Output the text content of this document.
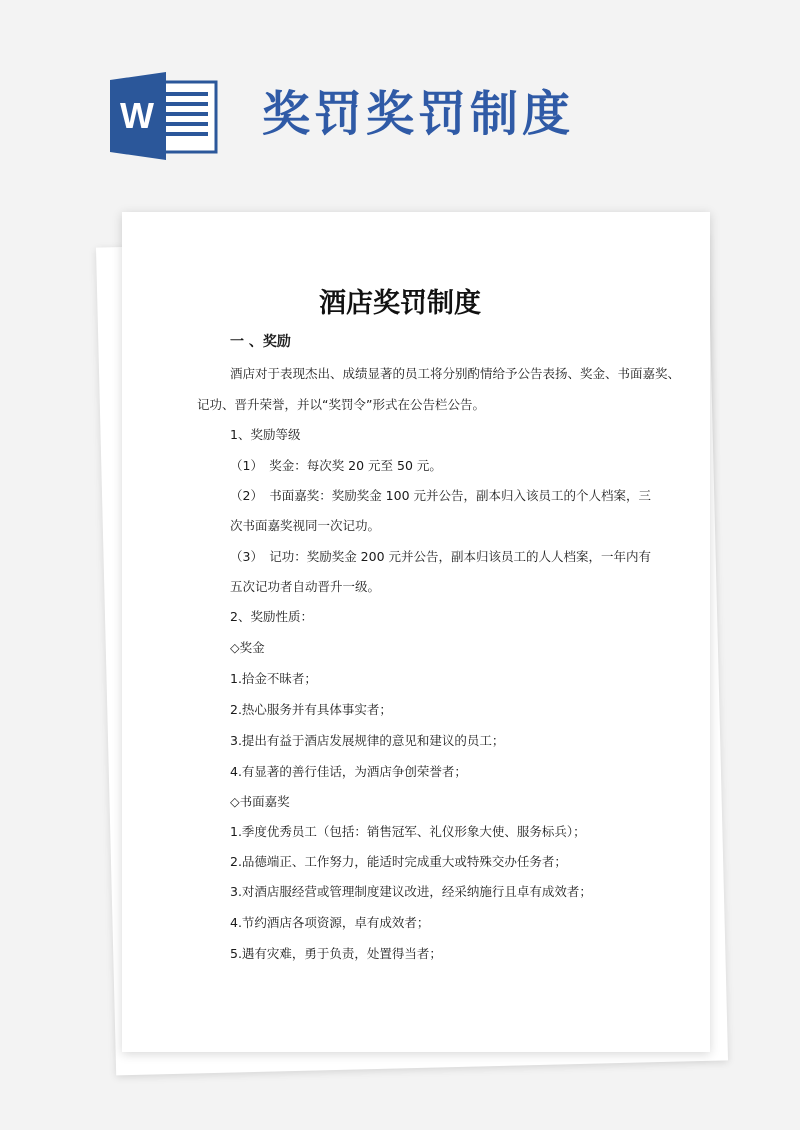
W 奖罚奖罚制度
酒店奖罚制度
一 、奖励
酒店对于表现杰出、成绩显著的员工将分别酌情给予公告表扬、奖金、书面嘉奖、
记功、晋升荣誉，并以“奖罚令”形式在公告栏公告。
1、奖励等级
（1）　奖金：每次奖 20 元至 50 元。
（2）　书面嘉奖：奖励奖金 100 元并公告，副本归入该员工的个人档案，三
次书面嘉奖视同一次记功。
（3）　记功：奖励奖金 200 元并公告，副本归该员工的人人档案，一年内有
五次记功者自动晋升一级。
2、奖励性质：
◇奖金
1.拾金不昧者；
2.热心服务并有具体事实者；
3.提出有益于酒店发展规律的意见和建议的员工；
4.有显著的善行佳话，为酒店争创荣誉者；
◇书面嘉奖
1.季度优秀员工（包括：销售冠军、礼仪形象大使、服务标兵）；
2.品德端正、工作努力，能适时完成重大或特殊交办任务者；
3.对酒店服经营或管理制度建议改进，经采纳施行且卓有成效者；
4.节约酒店各项资源，卓有成效者；
5.遇有灾难，勇于负责，处置得当者；
